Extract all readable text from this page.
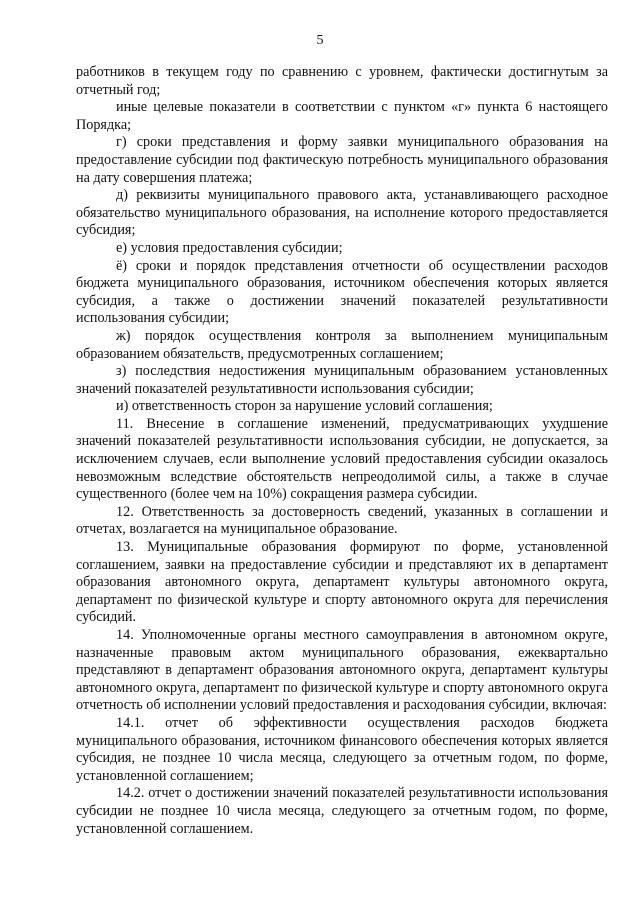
5

работников в текущем году по сравнению с уровнем, фактически достигнутым за отчетный год;

иные целевые показатели в соответствии с пунктом «г» пункта 6 настоящего Порядка;

г) сроки представления и форму заявки муниципального образования на предоставление субсидии под фактическую потребность муниципального образования на дату совершения платежа;

д) реквизиты муниципального правового акта, устанавливающего расходное обязательство муниципального образования, на исполнение которого предоставляется субсидия;

е) условия предоставления субсидии;

ё) сроки и порядок представления отчетности об осуществлении расходов бюджета муниципального образования, источником обеспечения которых является субсидия, а также о достижении значений показателей результативности использования субсидии;

ж) порядок осуществления контроля за выполнением муниципальным образованием обязательств, предусмотренных соглашением;

з) последствия недостижения муниципальным образованием установленных значений показателей результативности использования субсидии;

и) ответственность сторон за нарушение условий соглашения;

11. Внесение в соглашение изменений, предусматривающих ухудшение значений показателей результативности использования субсидии, не допускается, за исключением случаев, если выполнение условий предоставления субсидии оказалось невозможным вследствие обстоятельств непреодолимой силы, а также в случае существенного (более чем на 10%) сокращения размера субсидии.

12. Ответственность за достоверность сведений, указанных в соглашении и отчетах, возлагается на муниципальное образование.

13. Муниципальные образования формируют по форме, установленной соглашением, заявки на предоставление субсидии и представляют их в департамент образования автономного округа, департамент культуры автономного округа, департамент по физической культуре и спорту автономного округа для перечисления субсидий.

14. Уполномоченные органы местного самоуправления в автономном округе, назначенные правовым актом муниципального образования, ежеквартально представляют в департамент образования автономного округа, департамент культуры автономного округа, департамент по физической культуре и спорту автономного округа отчетность об исполнении условий предоставления и расходования субсидии, включая:

14.1. отчет об эффективности осуществления расходов бюджета муниципального образования, источником финансового обеспечения которых является субсидия, не позднее 10 числа месяца, следующего за отчетным годом, по форме, установленной соглашением;

14.2. отчет о достижении значений показателей результативности использования субсидии не позднее 10 числа месяца, следующего за отчетным годом, по форме, установленной соглашением.
